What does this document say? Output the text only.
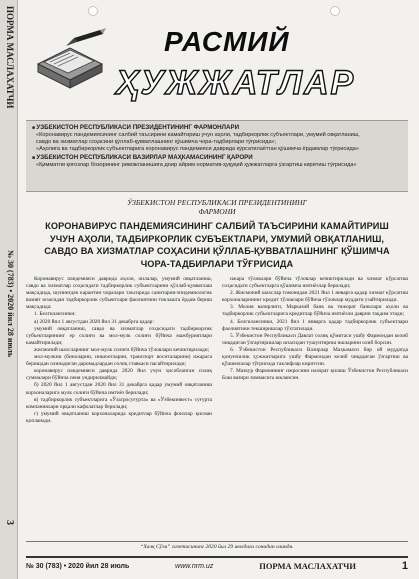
ПОРМА МАСЛАХАТЧИ
№ 30 (783) • 2020 йил 28 июль
3
РАСМИЙ
ҲУЖЖАТЛАР
■ ЎЗБЕКИСТОН РЕСПУБЛИКАСИ ПРЕЗИДЕНТИНИНГ ФАРМОНЛАРИ
«Коронавирус пандемиясининг салбий таъсирини камайтириш учун аҳоли, тадбиркорлик субъектлари, умумий овқатланиш,
савдо ва хизматлар соҳасини қўллаб-қувватлашнинг қўшимча чора-тадбирлари тўғрисида»;
«Аҳолига ва тадбиркорлик субъектларига коронавирус пандемияси даврида кўрсатилаётган қўшимча ёрдамлар тўғрисида»
■ ЎЗБЕКИСТОН РЕСПУБЛИКАСИ ВАЗИРЛАР МАҲКАМАСИНИНГ ҚАРОРИ
«Қимматли қоғозлар бозорининг ривожланишига доир айрим норматив-ҳуқуқий ҳужжатларга ўзгартиш киритиш тўғрисида»
ЎЗБЕКИСТОН РЕСПУБЛИКАСИ ПРЕЗИДЕНТИНИНГ
ФАРМОНИ
КОРОНАВИРУС ПАНДЕМИЯСИНИНГ САЛБИЙ ТАЪСИРИНИ КАМАЙТИРИШ
УЧУН АҲОЛИ, ТАДБИРКОРЛИК СУБЪЕКТЛАРИ, УМУМИЙ ОВҚАТЛАНИШ,
САВДО ВА ХИЗМАТЛАР СОҲАСИНИ ҚЎЛЛАБ-ҚУВВАТЛАШНИНГ ҚЎШИМЧА
ЧОРА-ТАДБИРЛАРИ ТЎҒРИСИДА

Коронавирус пандемияси даврида аҳоли, оилалар, умумий овқатланиш, савдо ва хизматлар соҳасидаги тадбиркорлик субъектларини қўллаб-қувватлаш мақсадида, шунингдек карантин чоралари таъсирида санитария-эпидемиологик вазият юзасидан тадбиркорлик субъектлари фаолиятини тиклашга ёрдам бериш мақсадида:

1. Белгилансинки:

а) 2020 йил 1 августдан 2020 йил 31 декабрга қадар:

умумий овқатланиш, савдо ва хизматлар соҳасидаги тадбиркорлик субъектларининг ер солиғи ва мол-мулк солиғи бўйича мажбуриятлари камайтирилади;

жисмоний шахсларнинг мол-мулк солиғи бўйича тўловлари кечиктирилади;

мол-мулкни (биноларни, иншоотларни, транспорт воситаларини) ижарага беришдан олинадиган даромадлардан солиқ ставкаси пасайтирилади;

коронавирус пандемияси даврида 2020 йил учун ҳисобланган солиқ суммалари бўйича пеня ундирилмайди;

б) 2020 йил 1 августдан 2020 йил 31 декабрга қадар умумий овқатланиш корхоналарига мулк солиғи бўйича имтиёз берилади;

в) тадбиркорлик субъектларига «Ўзагросуғурта» ва «Ўзбекинвест» суғурта компаниялари орқали кафолатлар берилади;

г) умумий овқатланиш корхоналарида кредитлар бўйича фоизлар қисман қопланади.

ижара тўловлари бўйича тўловлар кечиктирилади ва хизмат кўрсатиш соҳасидаги субъектларга қўшимча имтиёзлар берилади;

2. Жисмоний шахслар томонидан 2021 йил 1 январга қадар хизмат кўрсатиш корхоналарининг кредит тўловлари бўйича тўловлар муддати узайтирилади.

3. Молия вазирлиги, Марказий банк ва тижорат банклари аҳоли ва тадбиркорлик субъектларига кредитлар бўйича имтиёзли даврни тақдим этади;

4. Белгилансинки, 2021 йил 1 январга қадар тадбиркорлик субъектлари фаолиятини текширишлар тўхтатилади.

5. Ўзбекистон Республикаси Давлат солиқ қўмитаси ушбу Фармондан келиб чиқадиган ўзгартиришлар юзасидан тушунтириш ишларини олиб борсин.

6. Ўзбекистон Республикаси Вазирлар Маҳкамаси бир ой муддатда қонунчилик ҳужжатларига ушбу Фармондан келиб чиқадиган ўзгартиш ва қўшимчалар тўғрисида таклифлар киритсин.

7. Мазкур Фармоннинг ижросини назорат қилиш Ўзбекистон Республикаси Бош вазири зиммасига юклансин.

“Халқ Сўзи” газетасининг 2020 йил 29 июлдаги сонидан олинди.
№ 30 (783) • 2020 йил 28 июль	www.nrm.uz	ПОРМА МАСЛАХАТЧИ	1
